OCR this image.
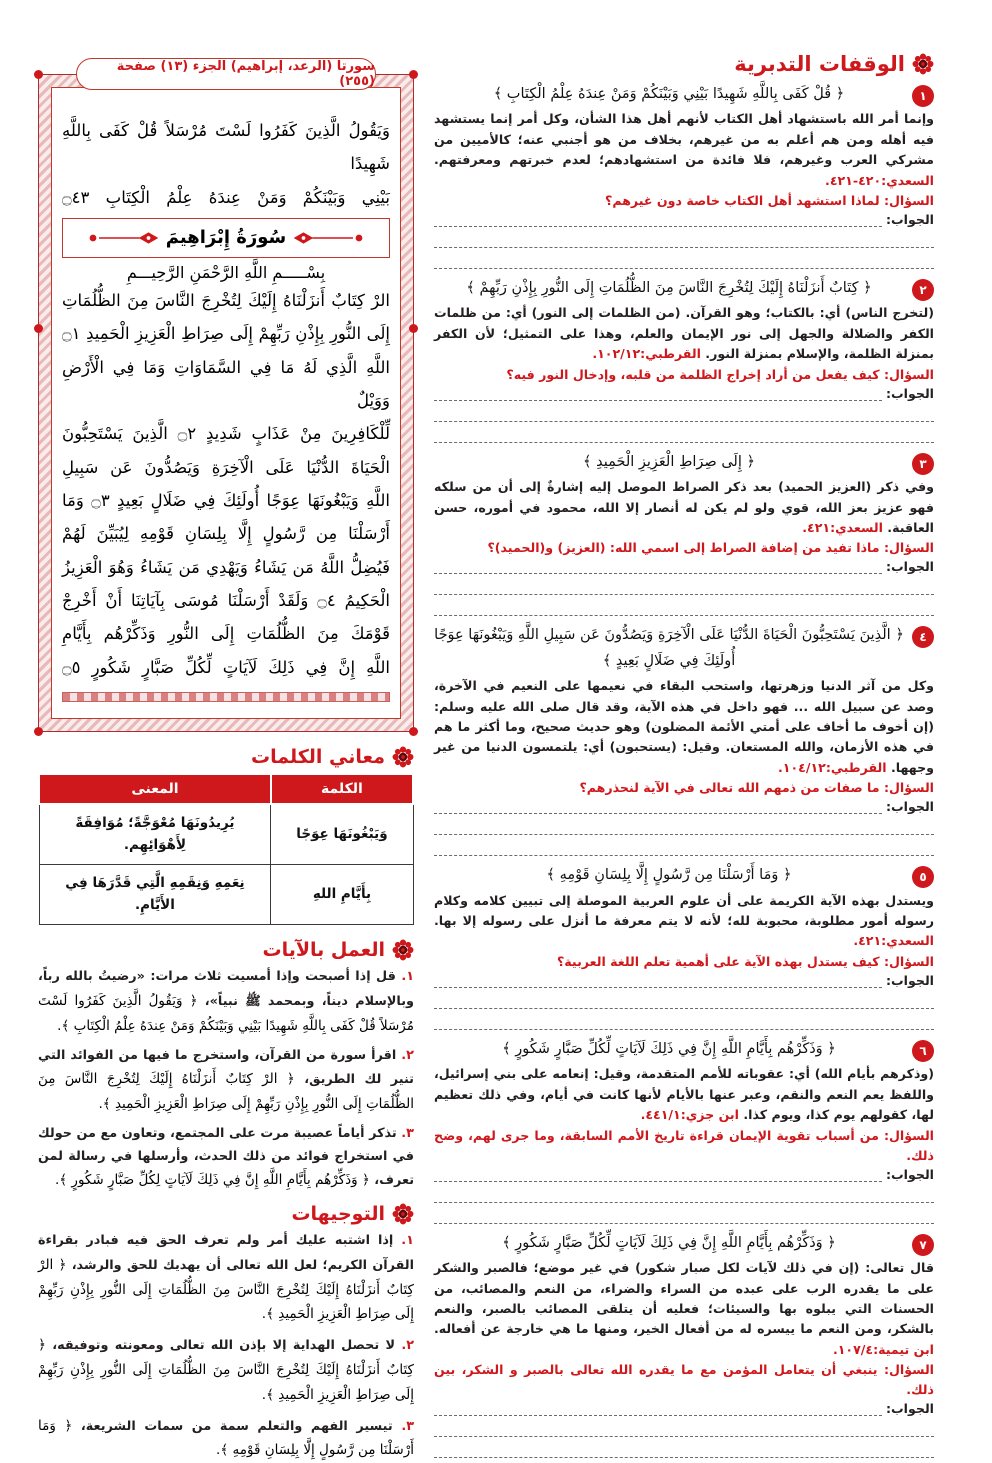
الوقفات التدبرية
١
﴿ قُلْ كَفَى بِاللَّهِ شَهِيدًا بَيْنِي وَبَيْنَكُمْ وَمَنْ عِندَهُ عِلْمُ الْكِتَابِ ﴾
وإنما أمر الله باستشهاد أهل الكتاب لأنهم أهل هذا الشأن، وكل أمر إنما يستشهد فيه أهله ومن هم أعلم به من غيرهم، بخلاف من هو أجنبي عنه؛ كالأميين من مشركي العرب وغيرهم، فلا فائدة من استشهادهم؛ لعدم خبرتهم ومعرفتهم. السعدي:٤٢٠-٤٢١.
السؤال: لماذا استشهد أهل الكتاب خاصة دون غيرهم؟
الجواب:
٢
﴿ كِتَابٌ أَنزَلْنَاهُ إِلَيْكَ لِتُخْرِجَ النَّاسَ مِنَ الظُّلُمَاتِ إِلَى النُّورِ بِإِذْنِ رَبِّهِمْ ﴾
(لتخرج الناس) أي: بالكتاب؛ وهو القرآن. (من الظلمات إلى النور) أي: من ظلمات الكفر والضلالة والجهل إلى نور الإيمان والعلم، وهذا على التمثيل؛ لأن الكفر بمنزلة الظلمة، والإسلام بمنزلة النور. القرطبي:١٠٢/١٢.
السؤال: كيف يفعل من أراد إخراج الظلمة من قلبه، وإدخال النور فيه؟
الجواب:
٣
﴿ إِلَى صِرَاطِ الْعَزِيزِ الْحَمِيدِ ﴾
وفي ذكر (العزيز الحميد) بعد ذكر الصراط الموصل إليه إشارةٌ إلى أن من سلكه فهو عزيز بعز الله، قوي ولو لم يكن له أنصار إلا الله، محمود في أموره، حسن العاقبة. السعدي:٤٢١.
السؤال: ماذا تفيد من إضافة الصراط إلى اسمي الله: (العزيز) و(الحميد)؟
الجواب:
٤
﴿ الَّذِينَ يَسْتَحِبُّونَ الْحَيَاةَ الدُّنْيَا عَلَى الْآخِرَةِ وَيَصُدُّونَ عَن سَبِيلِ اللَّهِ وَيَبْغُونَهَا عِوَجًا أُولَئِكَ فِي ضَلَالٍ بَعِيدٍ ﴾
وكل من آثر الدنيا وزهرتها، واستحب البقاء في نعيمها على النعيم في الآخرة، وصد عن سبيل الله ... فهو داخل في هذه الآية، وقد قال صلى الله عليه وسلم: (إن أخوف ما أخاف على أمتي الأئمة المضلون) وهو حديث صحيح، وما أكثر ما هم في هذه الأزمان، والله المستعان. وقيل: (يستحبون) أي: يلتمسون الدنيا من غير وجهها. القرطبي:١٠٤/١٢.
السؤال: ما صفات من ذمهم الله تعالى في الآية لنحذرهم؟
الجواب:
٥
﴿ وَمَا أَرْسَلْنَا مِن رَّسُولٍ إِلَّا بِلِسَانِ قَوْمِهِ ﴾
ويستدل بهذه الآية الكريمة على أن علوم العربية الموصلة إلى تبيين كلامه وكلام رسوله أمور مطلوبة، محبوبة لله؛ لأنه لا يتم معرفة ما أنزل على رسوله إلا بها. السعدي:٤٢١.
السؤال: كيف يستدل بهذه الآية على أهمية تعلم اللغة العربية؟
الجواب:
٦
﴿ وَذَكِّرْهُم بِأَيَّامِ اللَّهِ إِنَّ فِي ذَلِكَ لَآيَاتٍ لِّكُلِّ صَبَّارٍ شَكُورٍ ﴾
(وذكرهم بأيام الله) أي: عقوباته للأمم المتقدمة، وقيل: إنعامه على بني إسرائيل، واللفظ يعم النعم والنقم، وعبر عنها بالأيام لأنها كانت في أيام، وفي ذلك تعظيم لها، كقولهم يوم كذا، ويوم كذا. ابن جزي:٤٤١/١.
السؤال: من أسباب تقوية الإيمان قراءة تاريخ الأمم السابقة، وما جرى لهم، وضح ذلك.
الجواب:
٧
﴿ وَذَكِّرْهُم بِأَيَّامِ اللَّهِ إِنَّ فِي ذَلِكَ لَآيَاتٍ لِّكُلِّ صَبَّارٍ شَكُورٍ ﴾
قال تعالى: (إن في ذلك لآيات لكل صبار شكور) في غير موضع؛ فالصبر والشكر على ما يقدره الرب على عبده من السراء والضراء، من النعم والمصائب، من الحسنات التي يبلوه بها والسيئات؛ فعليه أن يتلقى المصائب بالصبر، والنعم بالشكر، ومن النعم ما ييسره له من أفعال الخير، ومنها ما هي خارجة عن أفعاله. ابن تيمية:١٠٧/٤.
السؤال: ينبغي أن يتعامل المؤمن مع ما يقدره الله تعالى بالصبر و الشكر، بين ذلك.
الجواب:
سورتا (الرعد، إبراهيم) الجزء (١٣) صفحة (٢٥٥)
وَيَقُولُ الَّذِينَ كَفَرُوا لَسْتَ مُرْسَلاً قُلْ كَفَى بِاللَّهِ شَهِيدًا
بَيْنِي وَبَيْنَكُمْ وَمَنْ عِندَهُ عِلْمُ الْكِتَابِ ۝٤٣
سُورَةُ إِبْرَاهِيمَ
بِسْـــــمِ اللَّهِ الرَّحْمَنِ الرَّحِيـــمِ
الرْ كِتَابٌ أَنزَلْنَاهُ إِلَيْكَ لِتُخْرِجَ النَّاسَ مِنَ الظُّلُمَاتِ
إِلَى النُّورِ بِإِذْنِ رَبِّهِمْ إِلَى صِرَاطِ الْعَزِيزِ الْحَمِيدِ ۝١
اللَّهِ الَّذِي لَهُ مَا فِي السَّمَاوَاتِ وَمَا فِي الْأَرْضِ وَوَيْلٌ
لِّلْكَافِرِينَ مِنْ عَذَابٍ شَدِيدٍ ۝٢ الَّذِينَ يَسْتَحِبُّونَ
الْحَيَاةَ الدُّنْيَا عَلَى الْآخِرَةِ وَيَصُدُّونَ عَن سَبِيلِ
اللَّهِ وَيَبْغُونَهَا عِوَجًا أُولَئِكَ فِي ضَلَالٍ بَعِيدٍ ۝٣ وَمَا
أَرْسَلْنَا مِن رَّسُولٍ إِلَّا بِلِسَانِ قَوْمِهِ لِيُبَيِّنَ لَهُمْ
فَيُضِلُّ اللَّهُ مَن يَشَاءُ وَيَهْدِي مَن يَشَاءُ وَهُوَ الْعَزِيزُ
الْحَكِيمُ ۝٤ وَلَقَدْ أَرْسَلْنَا مُوسَى بِآيَاتِنَا أَنْ أَخْرِجْ
قَوْمَكَ مِنَ الظُّلُمَاتِ إِلَى النُّورِ وَذَكِّرْهُم بِأَيَّامِ
اللَّهِ إِنَّ فِي ذَلِكَ لَآيَاتٍ لِّكُلِّ صَبَّارٍ شَكُورٍ ۝٥
معاني الكلمات
الكلمة	المعنى
وَيَبْغُونَهَا عِوَجًا	يُرِيدُونَهَا مُعْوَجَّةً؛ مُوَافِقَةً لِأَهْوَائِهِم.
بِأَيَّامِ اللهِ	نِعَمِهِ وَنِقَمِهِ الَّتِي قَدَّرَهَا فِي الأَيَّامِ.
العمل بالآيات
١. قل إذا أصبحت وإذا أمسيت ثلاث مرات: «رضيتُ بالله رباً، وبالإسلام ديناً، وبمحمد ﷺ نبياً»، ﴿ وَيَقُولُ الَّذِينَ كَفَرُوا لَسْتَ مُرْسَلاً قُلْ كَفَى بِاللَّهِ شَهِيدًا بَيْنِي وَبَيْنَكُمْ وَمَنْ عِندَهُ عِلْمُ الْكِتَابِ ﴾.
٢. اقرأ سورة من القرآن، واستخرج ما فيها من الفوائد التي تنير لك الطريق، ﴿ الرْ كِتَابٌ أَنزَلْنَاهُ إِلَيْكَ لِتُخْرِجَ النَّاسَ مِنَ الظُّلُمَاتِ إِلَى النُّورِ بِإِذْنِ رَبِّهِمْ إِلَى صِرَاطِ الْعَزِيزِ الْحَمِيدِ ﴾.
٣. تذكر أياماً عصيبة مرت على المجتمع، وتعاون مع من حولك في استخراج فوائد من ذلك الحدث، وأرسلها في رسالة لمن تعرف، ﴿ وَذَكِّرْهُم بِأَيَّامِ اللَّهِ إِنَّ فِي ذَلِكَ لَآيَاتٍ لِكُلِّ صَبَّارٍ شَكُورٍ ﴾.
التوجيهات
١. إذا اشتبه عليك أمر ولم تعرف الحق فيه فبادر بقراءة القرآن الكريم؛ لعل الله تعالى أن يهديك للحق والرشد، ﴿ الرْ كِتَابٌ أَنزَلْنَاهُ إِلَيْكَ لِتُخْرِجَ النَّاسَ مِنَ الظُّلُمَاتِ إِلَى النُّورِ بِإِذْنِ رَبِّهِمْ إِلَى صِرَاطِ الْعَزِيزِ الْحَمِيدِ ﴾.
٢. لا تحصل الهداية إلا بإذن الله تعالى ومعونته وتوفيقه، ﴿ كِتَابٌ أَنزَلْنَاهُ إِلَيْكَ لِتُخْرِجَ النَّاسَ مِنَ الظُّلُمَاتِ إِلَى النُّورِ بِإِذْنِ رَبِّهِمْ إِلَى صِرَاطِ الْعَزِيزِ الْحَمِيدِ ﴾.
٣. تيسير الفهم والتعلم سمة من سمات الشريعة، ﴿ وَمَا أَرْسَلْنَا مِن رَّسُولٍ إِلَّا بِلِسَانِ قَوْمِهِ ﴾.
